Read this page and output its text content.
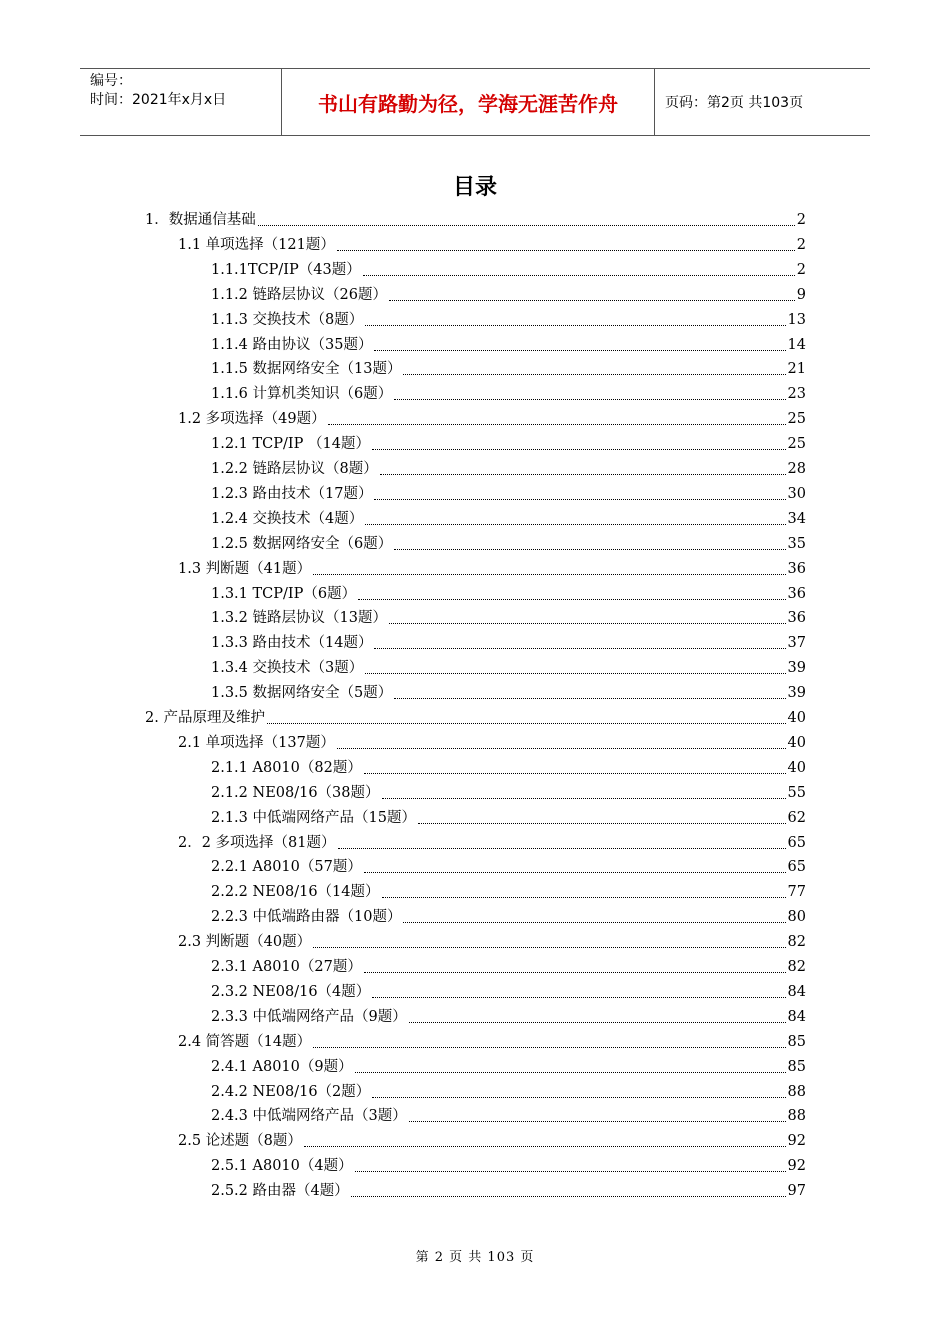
编号：
时间：2021年x月x日	书山有路勤为径，学海无涯苦作舟	页码：第2页 共103页
目录
1．数据通信基础	2
1.1 单项选择（121题）	2
1.1.1TCP/IP（43题）	2
1.1.2 链路层协议（26题）	9
1.1.3 交换技术（8题）	13
1.1.4 路由协议（35题）	14
1.1.5 数据网络安全（13题）	21
1.1.6 计算机类知识（6题）	23
1.2 多项选择（49题）	25
1.2.1 TCP/IP （14题）	25
1.2.2 链路层协议（8题）	28
1.2.3 路由技术（17题）	30
1.2.4 交换技术（4题）	34
1.2.5 数据网络安全（6题）	35
1.3 判断题（41题）	36
1.3.1 TCP/IP（6题）	36
1.3.2 链路层协议（13题）	36
1.3.3 路由技术（14题）	37
1.3.4 交换技术（3题）	39
1.3.5 数据网络安全（5题）	39
2. 产品原理及维护	40
2.1 单项选择（137题）	40
2.1.1 A8010（82题）	40
2.1.2 NE08/16（38题）	55
2.1.3 中低端网络产品（15题）	62
2．2 多项选择（81题）	65
2.2.1 A8010（57题）	65
2.2.2 NE08/16（14题）	77
2.2.3 中低端路由器（10题）	80
2.3 判断题（40题）	82
2.3.1 A8010（27题）	82
2.3.2 NE08/16（4题）	84
2.3.3 中低端网络产品（9题）	84
2.4 简答题（14题）	85
2.4.1 A8010（9题）	85
2.4.2 NE08/16（2题）	88
2.4.3 中低端网络产品（3题）	88
2.5 论述题（8题）	92
2.5.1 A8010（4题）	92
2.5.2 路由器（4题）	97
第 2 页 共 103 页
